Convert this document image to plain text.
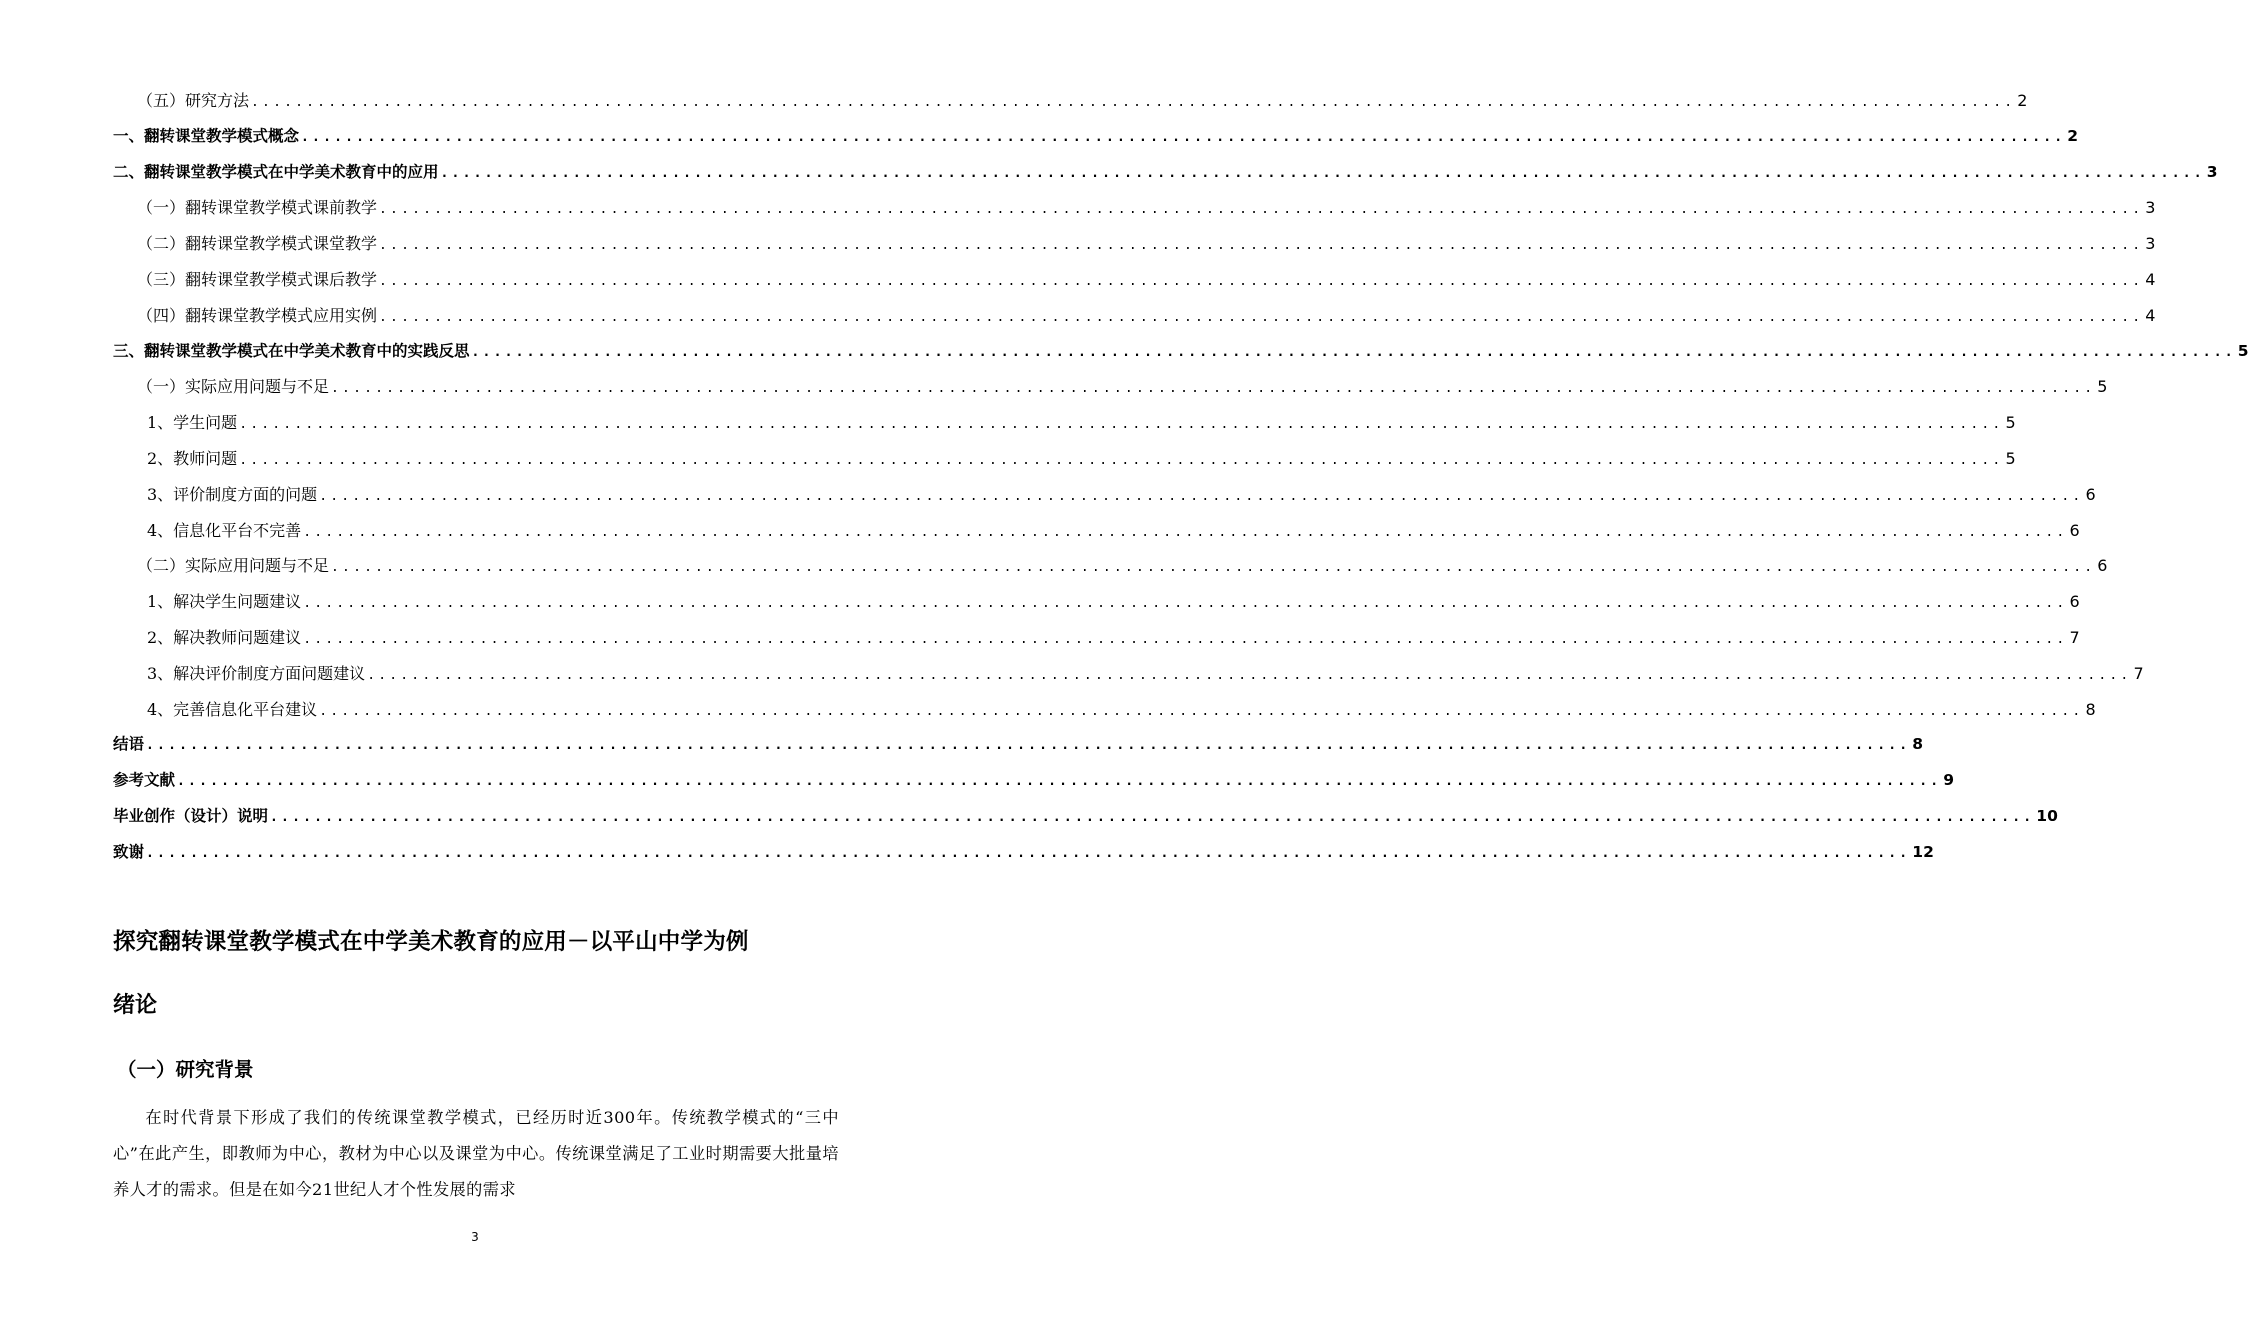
（五）研究方法 ................................................................................................................................................................ 2
一、翻转课堂教学模式概念 ................................................................................................................................................................ 2
二、翻转课堂教学模式在中学美术教育中的应用 ................................................................................................................................................................ 3
（一）翻转课堂教学模式课前教学 ................................................................................................................................................................ 3
（二）翻转课堂教学模式课堂教学 ................................................................................................................................................................ 3
（三）翻转课堂教学模式课后教学 ................................................................................................................................................................ 4
（四）翻转课堂教学模式应用实例 ................................................................................................................................................................ 4
三、翻转课堂教学模式在中学美术教育中的实践反思 ................................................................................................................................................................ 5
（一）实际应用问题与不足 ................................................................................................................................................................ 5
1、学生问题 ................................................................................................................................................................ 5
2、教师问题 ................................................................................................................................................................ 5
3、评价制度方面的问题 ................................................................................................................................................................ 6
4、信息化平台不完善 ................................................................................................................................................................ 6
（二）实际应用问题与不足 ................................................................................................................................................................ 6
1、解决学生问题建议 ................................................................................................................................................................ 6
2、解决教师问题建议 ................................................................................................................................................................ 7
3、解决评价制度方面问题建议 ................................................................................................................................................................ 7
4、完善信息化平台建议 ................................................................................................................................................................ 8
结语 ................................................................................................................................................................ 8
参考文献 ................................................................................................................................................................ 9
毕业创作（设计）说明 ................................................................................................................................................................ 10
致谢 ................................................................................................................................................................ 12
探究翻转课堂教学模式在中学美术教育的应用－以平山中学为例
绪论
（一）研究背景

在时代背景下形成了我们的传统课堂教学模式，已经历时近300年。传统教学模式的“三中心”在此产生，即教师为中心，教材为中心以及课堂为中心。传统课堂满足了工业时期需要大批量培养人才的需求。但是在如今21世纪人才个性发展的需求

3
